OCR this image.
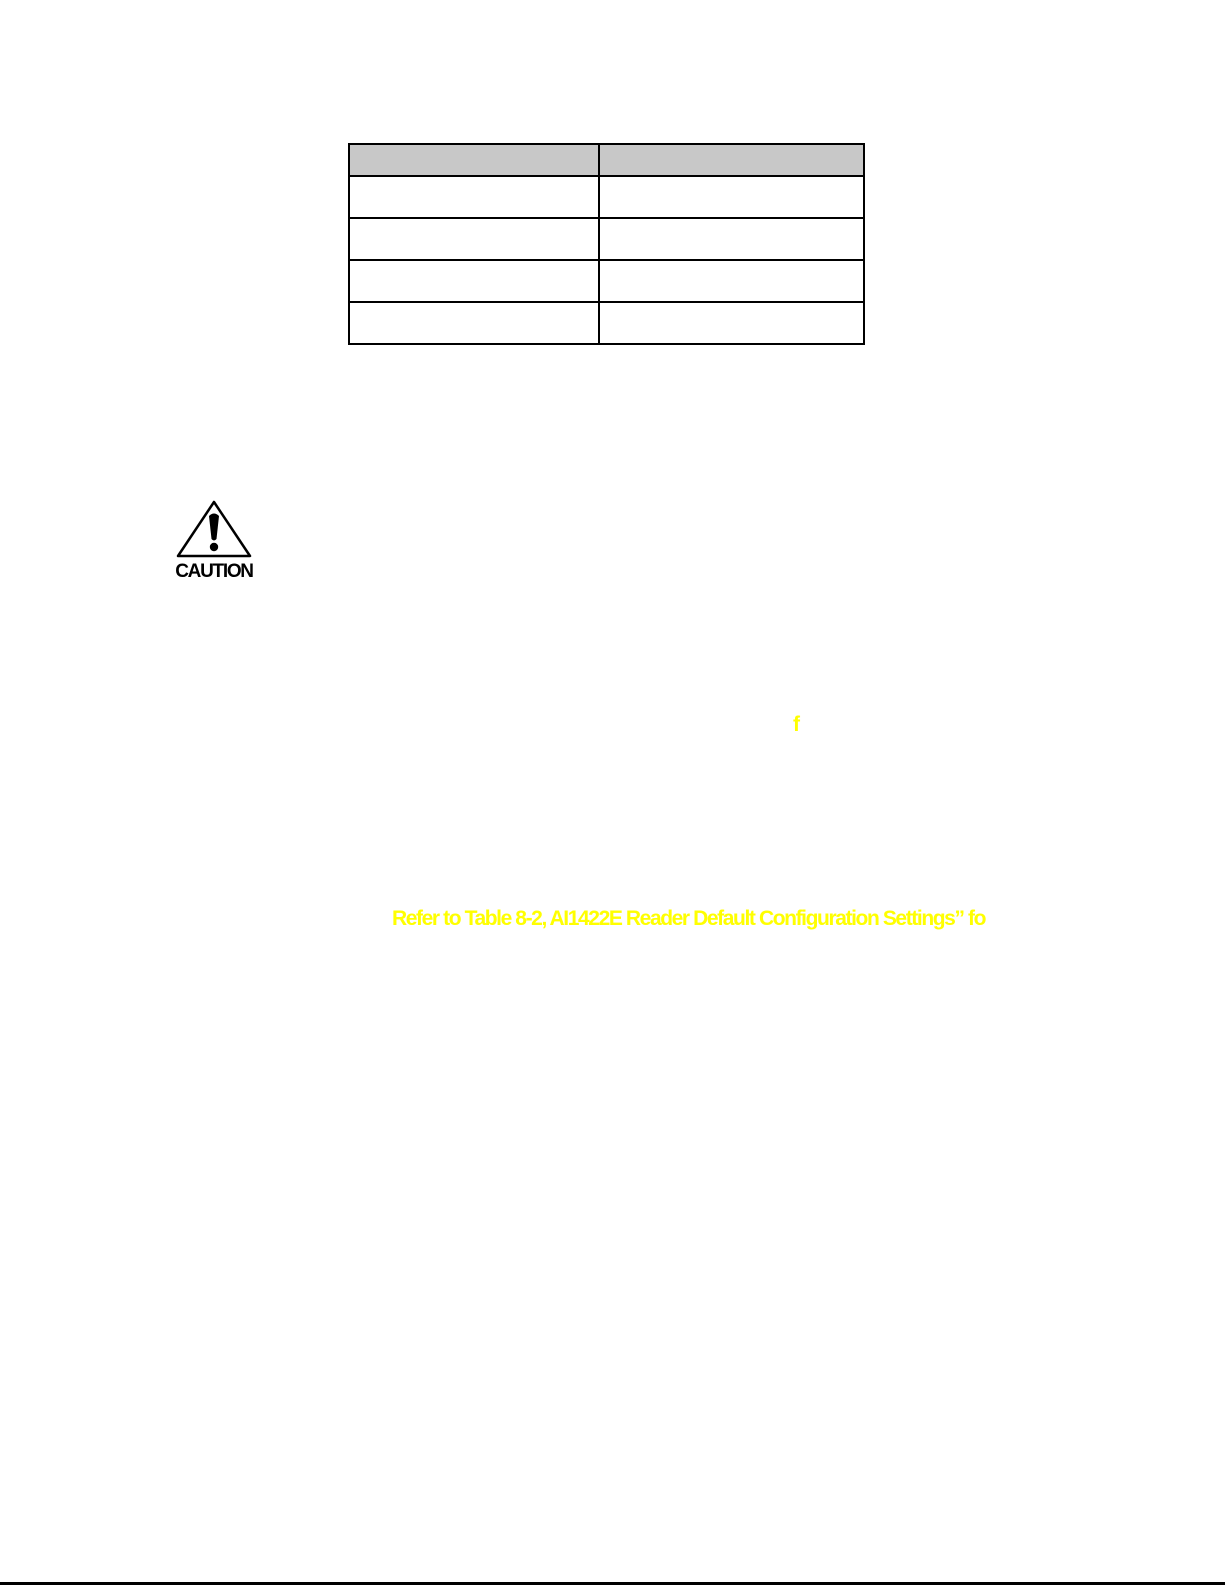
CAUTION
f
Refer to Table 8-2, AI1422E Reader Default Configuration Settings” fo
